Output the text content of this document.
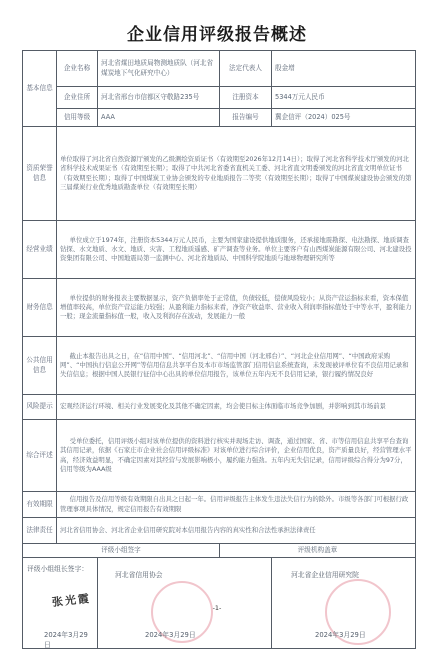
企业信用评级报告概述
基本信息	企业名称	河北省煤田地质局物测地质队（河北省煤炭地下气化研究中心）	法定代表人	殷金增
	企业住所	河北省邢台市信都区守敬路235号	注册资本	5344万元人民币
	信用等级	AAA	报告编号	冀企信评（2024）025号
资质荣誉信息	单位取得了河北省自然资源厅颁发的乙级测绘资质证书（有效期至2026年12月14日）；取得了河北省科学技术厅颁发的河北省科学技术成果证书（有效期至长期）；取得了中共河北省委省直机关工委、河北省直文明委颁发的河北省直文明单位证书（有效期至长期）；取得了中国煤炭工业协会颁发的专业地质报告二等奖（有效期至长期）；取得了中国煤炭建设协会颁发的第三届煤炭行业优秀地质勘查单位（有效期至长期）			
经营业绩	单位成立于1974年，注册资本5344万元人民币，主要为国家建设提供地质服务，还承接地震勘探、电法勘探、地质调查钻探、水文地质、水文、地质、灾害、工程地质遥感、矿产调查等业务。单位主要客户有山西煤炭能源有限公司、河北建设投资集团有限公司、中国地震局第一监测中心、河北省地质局、中国科学院地质与地球物理研究所等			
财务信息	单位提供的财务报表主要数据显示，资产负债率处于正常值，负债较低，偿债风险较小；从资产营运指标来看，资本保值增值率较高，单位资产营运能力较强；从盈利能力指标来看，净资产收益率、营业收入利润率指标值处于中等水平，盈利能力一般；现金流量指标值一般，收入及利润存在波动，发展能力一般			
公共信用信息	截止本报告出具之日，在“信用中国”、“信用河北”、“信用中国（河北邢台）”、“河北企业信用网”、“中国政府采购网”、“中国执行信息公开网”等信用信息共享平台及本市市场监管部门信用信息系统查询，未发现被评单位有不良信用记录和失信信息；根据中国人民银行征信中心出具的单位信用报告，该单位五年内无不良信用记录，银行履约情况良好			
风险提示	宏观经济运行环境、相关行业发展变化及其他不确定因素，均会使目标主体面临市场竞争加剧，并影响到其市场前景			
综合评述	受单位委托，信用评级小组对该单位提供的资料进行核实并现场走访、调查，通过国家、省、市等信用信息共享平台查询其信用记录，依据《石家庄市企业社会信用评级标准》对该单位进行综合评价，企业信用优良，资产质量良好，经营管理水平高，经济效益明显，不确定因素对其经营与发展影响极小，履约能力强劲。五年内无失信记录，信用评级综合得分为97分，信用等级为AAA级			
有效期限	信用报告及信用等级有效期限自出具之日起一年。信用评级报告主体发生违法失信行为的除外。市级等各部门可根据行政管理事项具体情况，规定信用报告有效期限			
法律责任	河北省信用协会、河北省企业信用研究院对本信用报告内容的真实性和合法性承担法律责任			
评级小组签字			评级机构盖章	

评级小组组长签字：
张光霞
2024年3月29日		河北省信用协会
2024年3月29日		河北省企业信用研究院
2024年3月29日
-1-
